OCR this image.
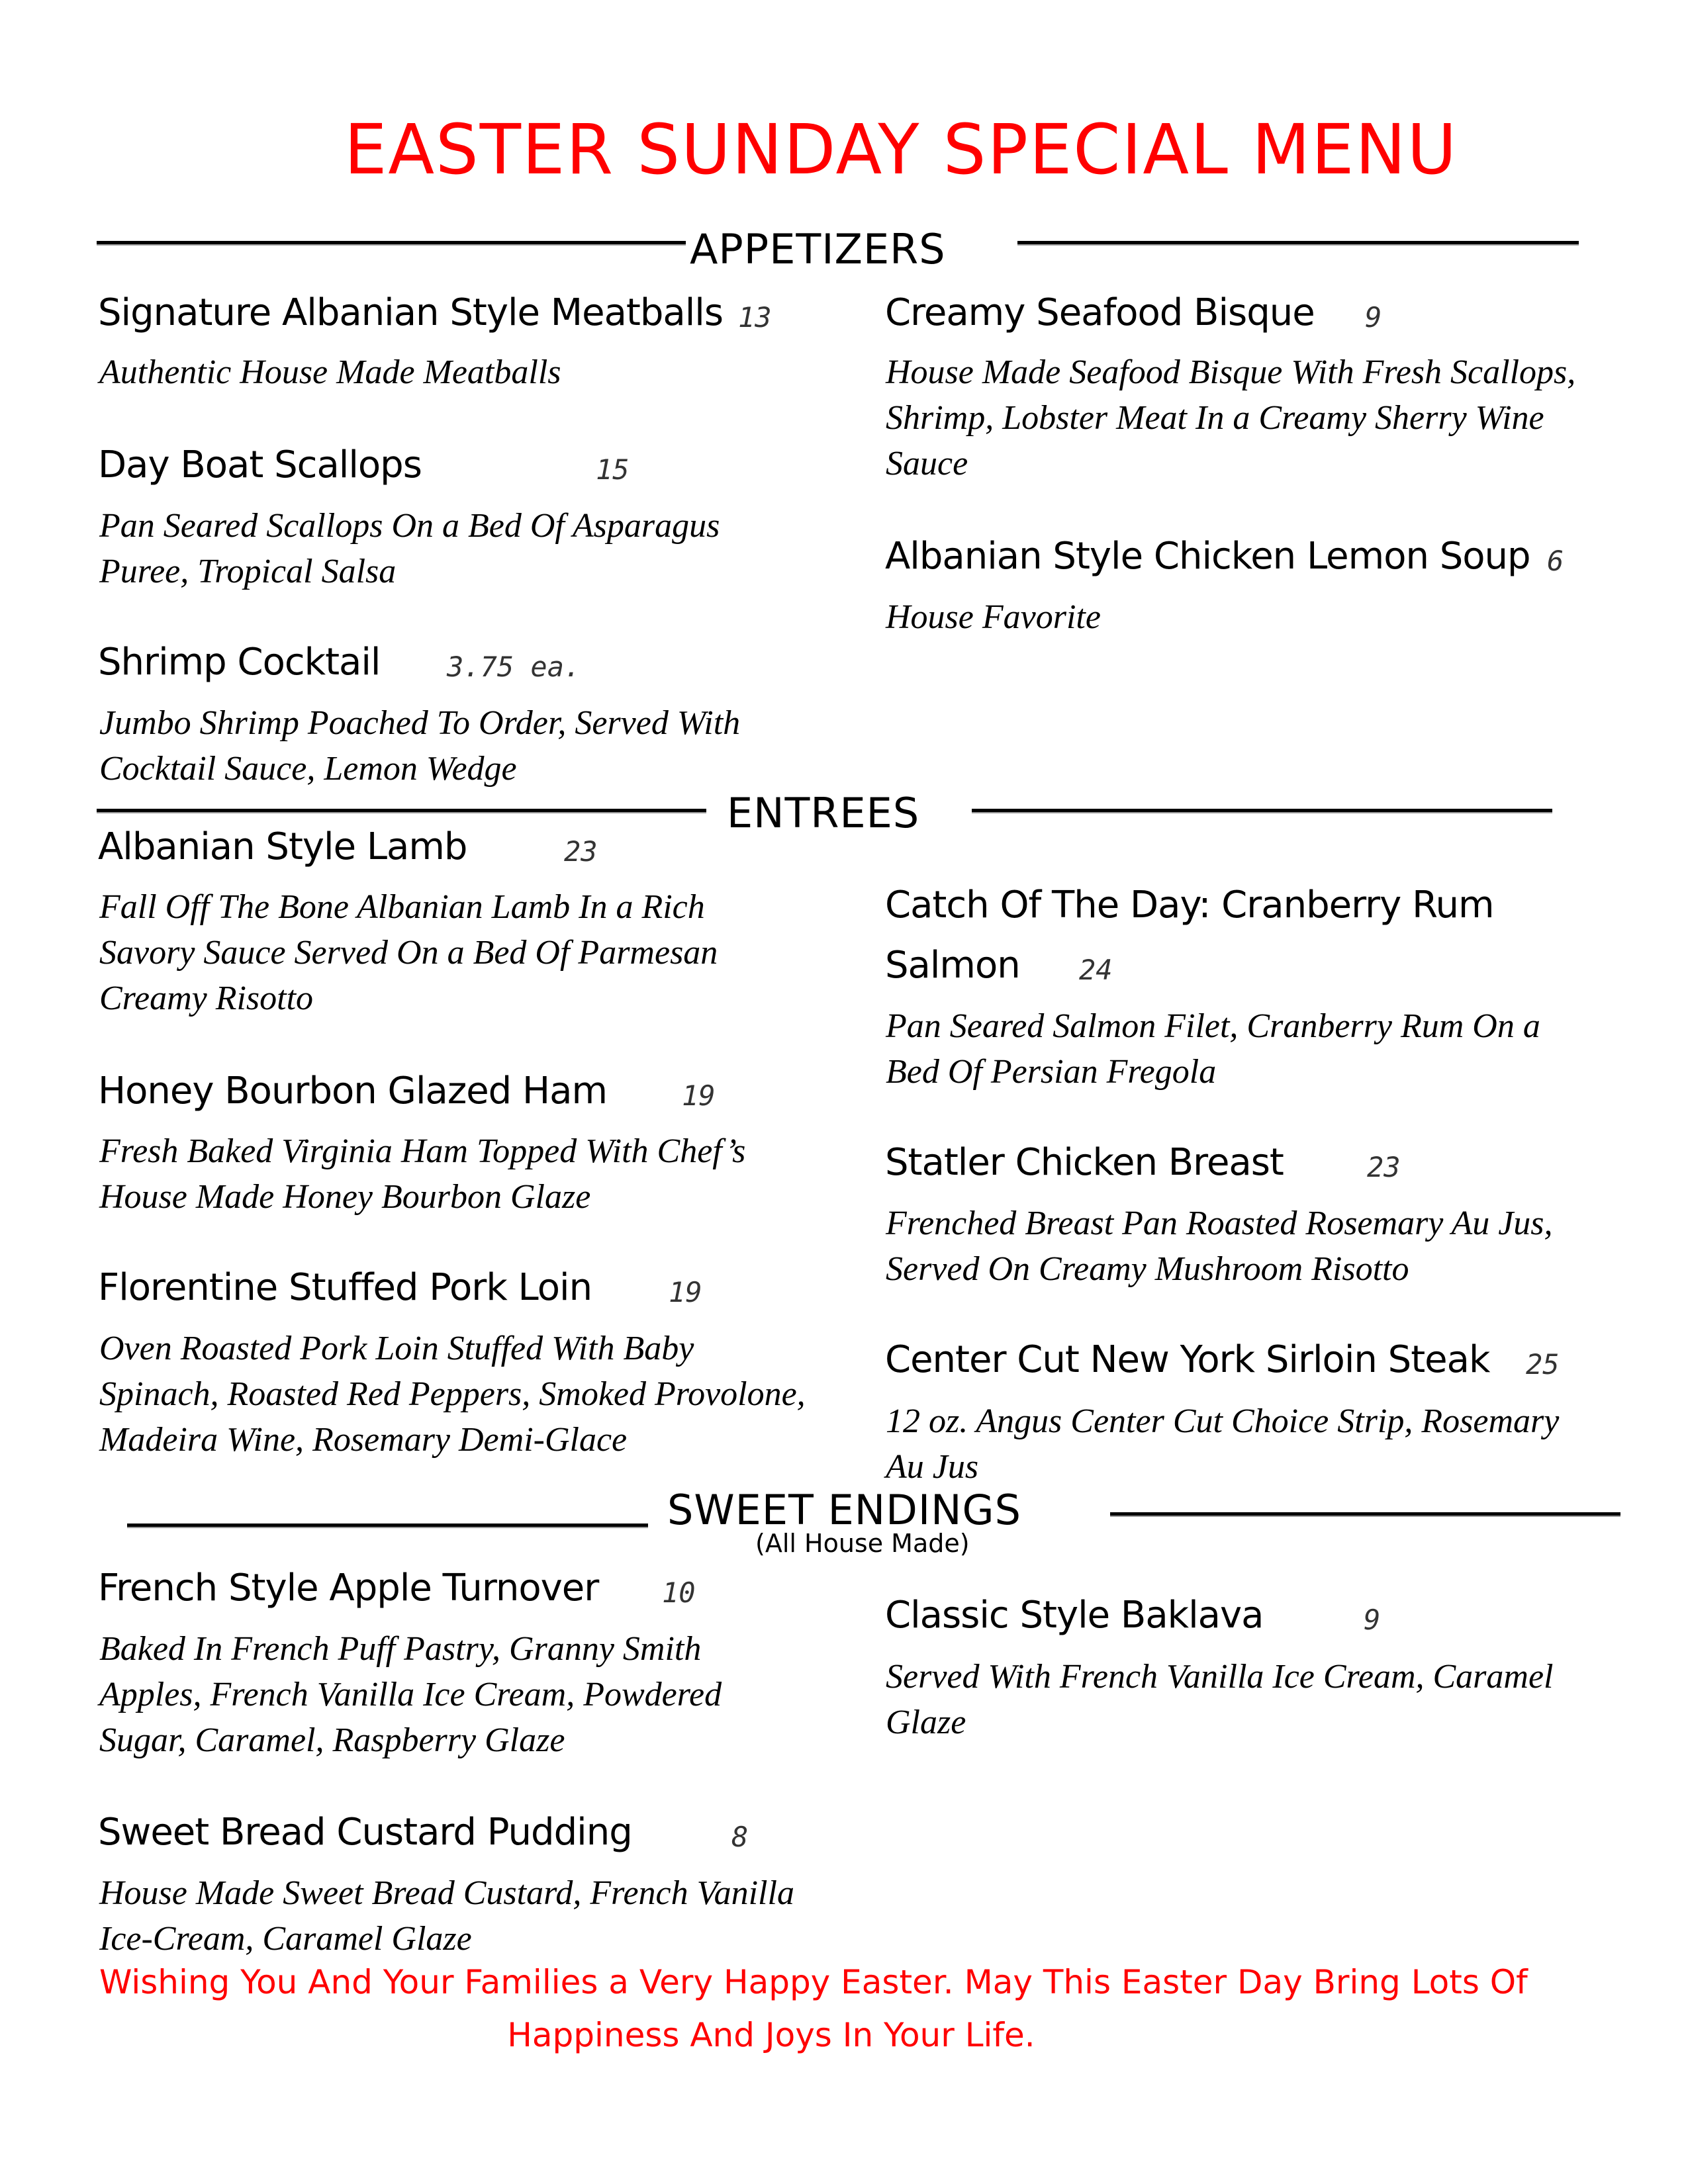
EASTER SUNDAY SPECIAL MENU
APPETIZERS
Signature Albanian Style Meatballs 13
Authentic House Made Meatballs
Day Boat Scallops	15
Pan Seared Scallops On a Bed Of Asparagus
Puree, Tropical Salsa
Shrimp Cocktail 3.75 ea.
Jumbo Shrimp Poached To Order, Served With
Cocktail Sauce, Lemon Wedge
Creamy Seafood Bisque 9
House Made Seafood Bisque With Fresh Scallops,
Shrimp, Lobster Meat In a Creamy Sherry Wine
Sauce
Albanian Style Chicken Lemon Soup 6
House Favorite
ENTREES
Albanian Style Lamb	23
Fall Off The Bone Albanian Lamb In a Rich
Savory Sauce Served On a Bed Of Parmesan
Creamy Risotto
Honey Bourbon Glazed Ham	19
Fresh Baked Virginia Ham Topped With Chef’s
House Made Honey Bourbon Glaze
Florentine Stuffed Pork Loin	19
Oven Roasted Pork Loin Stuffed With Baby
Spinach, Roasted Red Peppers, Smoked Provolone,
Madeira Wine, Rosemary Demi-Glace
Catch Of The Day: Cranberry Rum
Salmon 24
Pan Seared Salmon Filet, Cranberry Rum On a
Bed Of Persian Fregola
Statler Chicken Breast	23
Frenched Breast Pan Roasted Rosemary Au Jus,
Served On Creamy Mushroom Risotto
Center Cut New York Sirloin Steak 25
12 oz. Angus Center Cut Choice Strip, Rosemary
Au Jus
SWEET ENDINGS
(All House Made)
French Style Apple Turnover 10
Baked In French Puff Pastry, Granny Smith
Apples, French Vanilla Ice Cream, Powdered
Sugar, Caramel, Raspberry Glaze
Sweet Bread Custard Pudding	8
House Made Sweet Bread Custard, French Vanilla
Ice-Cream, Caramel Glaze
Classic Style Baklava	9
Served With French Vanilla Ice Cream, Caramel
Glaze
Wishing You And Your Families a Very Happy Easter. May This Easter Day Bring Lots Of
Happiness And Joys In Your Life.
